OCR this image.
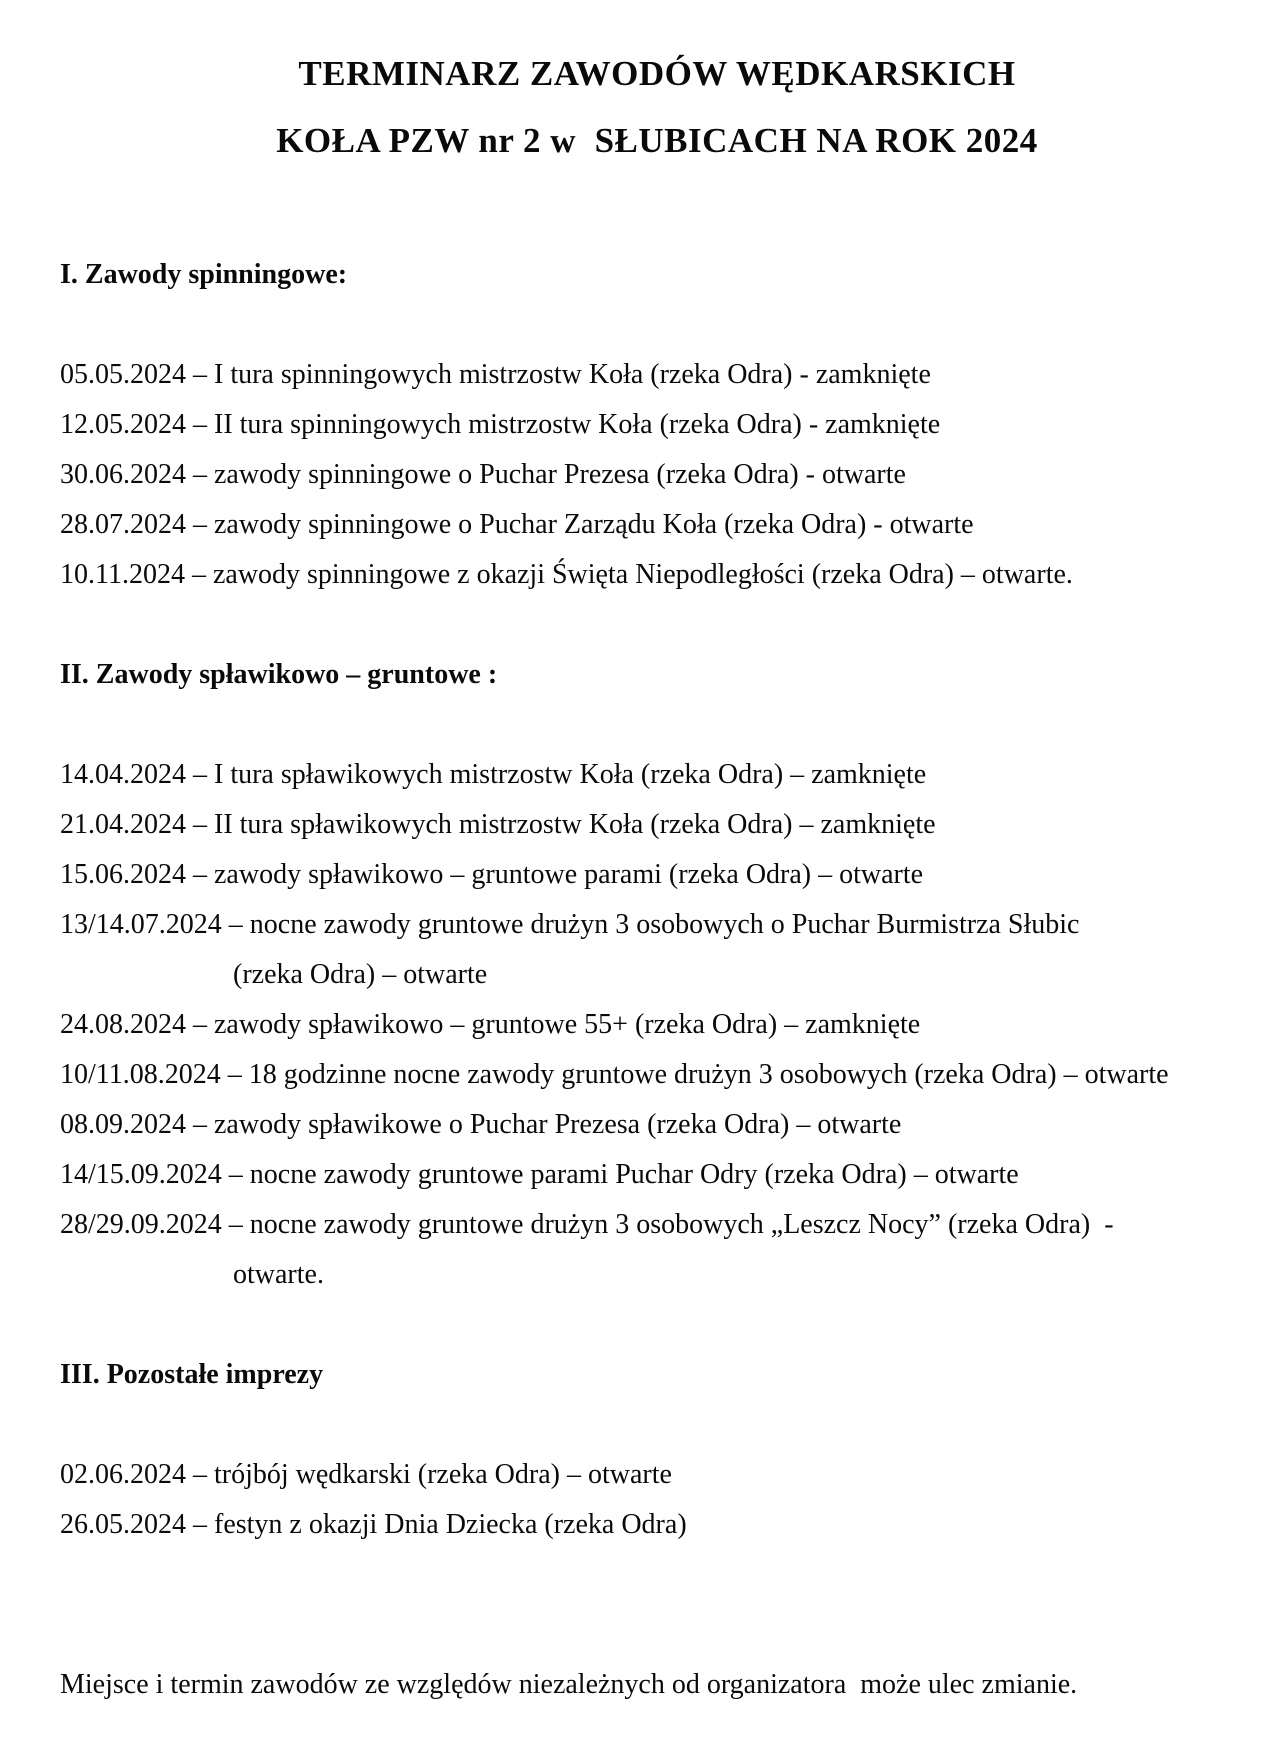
TERMINARZ ZAWODÓW WĘDKARSKICH
KOŁA PZW nr 2 w  SŁUBICACH NA ROK 2024
I. Zawody spinningowe:

05.05.2024 – I tura spinningowych mistrzostw Koła (rzeka Odra) - zamknięte

12.05.2024 – II tura spinningowych mistrzostw Koła (rzeka Odra) - zamknięte

30.06.2024 – zawody spinningowe o Puchar Prezesa (rzeka Odra) - otwarte

28.07.2024 – zawody spinningowe o Puchar Zarządu Koła (rzeka Odra) - otwarte

10.11.2024 – zawody spinningowe z okazji Święta Niepodległości (rzeka Odra) – otwarte.

II. Zawody spławikowo – gruntowe :

14.04.2024 – I tura spławikowych mistrzostw Koła (rzeka Odra) – zamknięte

21.04.2024 – II tura spławikowych mistrzostw Koła (rzeka Odra) – zamknięte

15.06.2024 – zawody spławikowo – gruntowe parami (rzeka Odra) – otwarte

13/14.07.2024 – nocne zawody gruntowe drużyn 3 osobowych o Puchar Burmistrza Słubic

(rzeka Odra) – otwarte

24.08.2024 – zawody spławikowo – gruntowe 55+ (rzeka Odra) – zamknięte

10/11.08.2024 – 18 godzinne nocne zawody gruntowe drużyn 3 osobowych (rzeka Odra) – otwarte

08.09.2024 – zawody spławikowe o Puchar Prezesa (rzeka Odra) – otwarte

14/15.09.2024 – nocne zawody gruntowe parami Puchar Odry (rzeka Odra) – otwarte

28/29.09.2024 – nocne zawody gruntowe drużyn 3 osobowych „Leszcz Nocy” (rzeka Odra)  -

otwarte.

III. Pozostałe imprezy

02.06.2024 – trójbój wędkarski (rzeka Odra) – otwarte

26.05.2024 – festyn z okazji Dnia Dziecka (rzeka Odra)

Miejsce i termin zawodów ze względów niezależnych od organizatora  może ulec zmianie.
